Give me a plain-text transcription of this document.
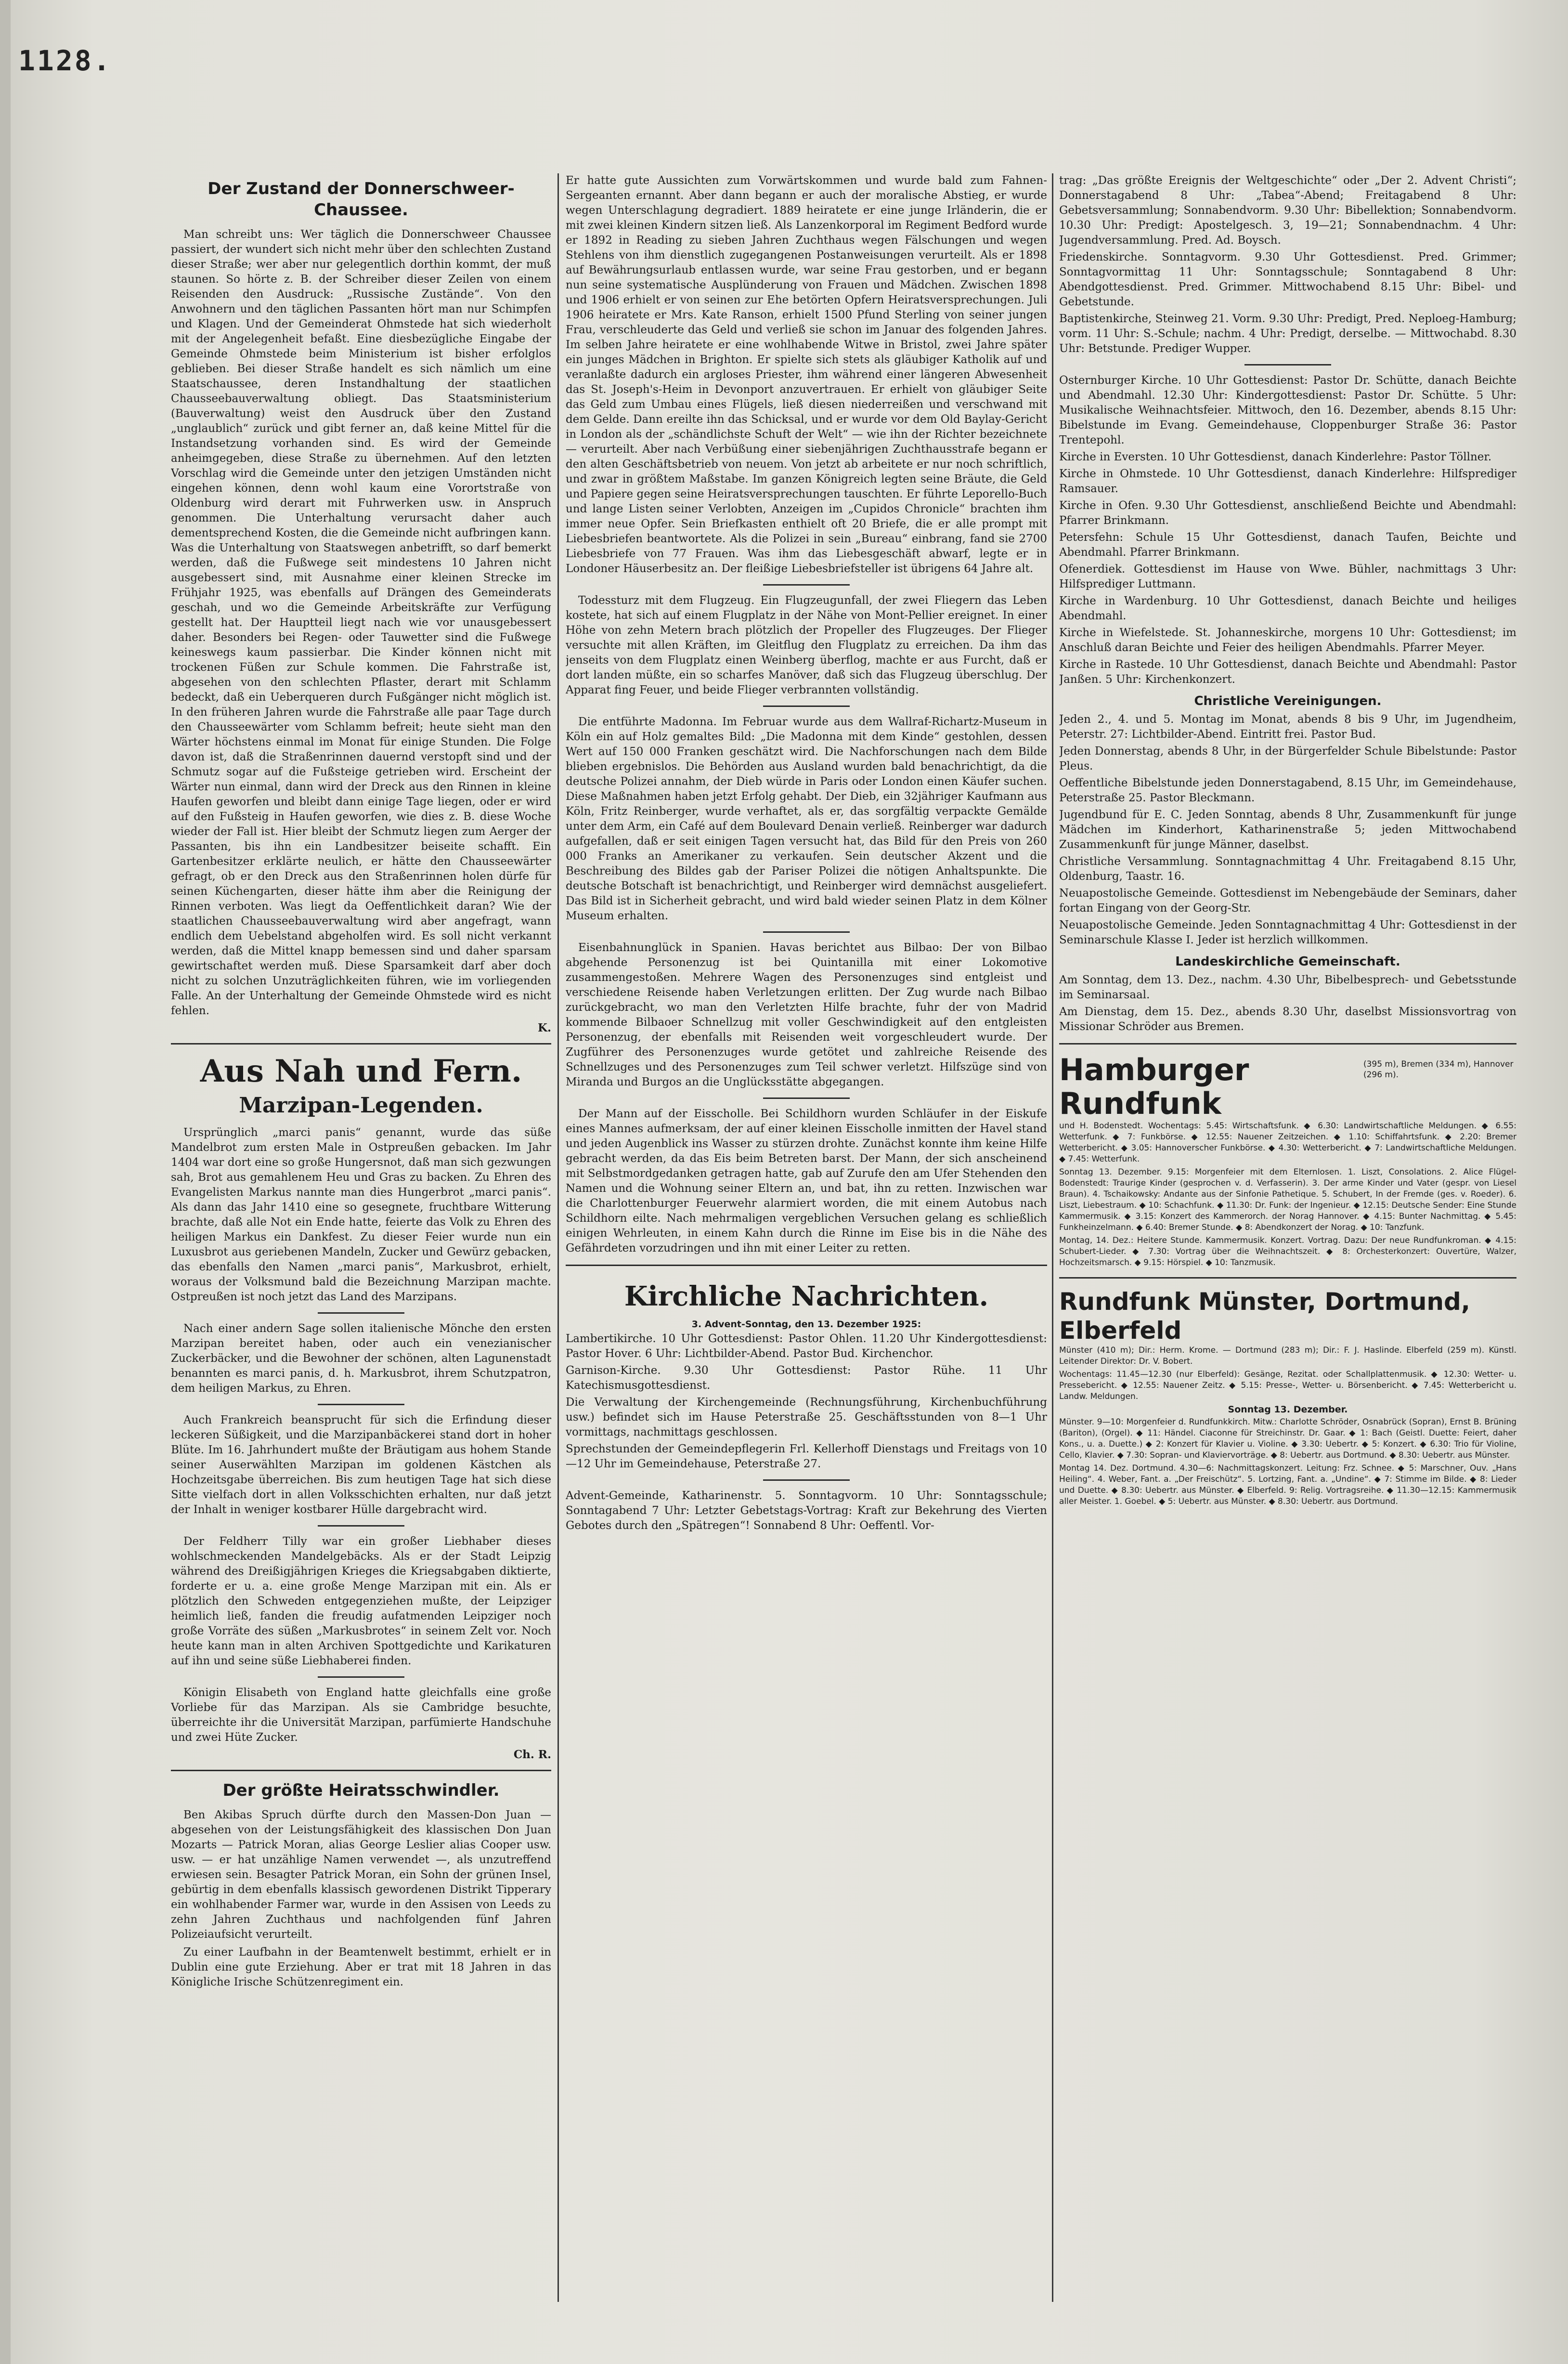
1128.
Der Zustand der Donnerschweer-Chaussee.

Man schreibt uns: Wer täglich die Donnerschweer Chaussee passiert, der wundert sich nicht mehr über den schlechten Zustand dieser Straße; wer aber nur gelegentlich dorthin kommt, der muß staunen. So hörte z. B. der Schreiber dieser Zeilen von einem Reisenden den Ausdruck: „Russische Zustände“. Von den Anwohnern und den täglichen Passanten hört man nur Schimpfen und Klagen. Und der Gemeinderat Ohmstede hat sich wiederholt mit der Angelegenheit befaßt. Eine diesbezügliche Eingabe der Gemeinde Ohmstede beim Ministerium ist bisher erfolglos geblieben. Bei dieser Straße handelt es sich nämlich um eine Staatschaussee, deren Instandhaltung der staatlichen Chausseebauverwaltung obliegt. Das Staatsministerium (Bauverwaltung) weist den Ausdruck über den Zustand „unglaublich“ zurück und gibt ferner an, daß keine Mittel für die Instandsetzung vorhanden sind. Es wird der Gemeinde anheimgegeben, diese Straße zu übernehmen. Auf den letzten Vorschlag wird die Gemeinde unter den jetzigen Umständen nicht eingehen können, denn wohl kaum eine Vorortstraße von Oldenburg wird derart mit Fuhrwerken usw. in Anspruch genommen. Die Unterhaltung verursacht daher auch dementsprechend Kosten, die die Gemeinde nicht aufbringen kann. Was die Unterhaltung von Staatswegen anbetrifft, so darf bemerkt werden, daß die Fußwege seit mindestens 10 Jahren nicht ausgebessert sind, mit Ausnahme einer kleinen Strecke im Frühjahr 1925, was ebenfalls auf Drängen des Gemeinderats geschah, und wo die Gemeinde Arbeitskräfte zur Verfügung gestellt hat. Der Hauptteil liegt nach wie vor unausgebessert daher. Besonders bei Regen- oder Tauwetter sind die Fußwege keineswegs kaum passierbar. Die Kinder können nicht mit trockenen Füßen zur Schule kommen. Die Fahrstraße ist, abgesehen von den schlechten Pflaster, derart mit Schlamm bedeckt, daß ein Ueberqueren durch Fußgänger nicht möglich ist. In den früheren Jahren wurde die Fahrstraße alle paar Tage durch den Chausseewärter vom Schlamm befreit; heute sieht man den Wärter höchstens einmal im Monat für einige Stunden. Die Folge davon ist, daß die Straßenrinnen dauernd verstopft sind und der Schmutz sogar auf die Fußsteige getrieben wird. Erscheint der Wärter nun einmal, dann wird der Dreck aus den Rinnen in kleine Haufen geworfen und bleibt dann einige Tage liegen, oder er wird auf den Fußsteig in Haufen geworfen, wie dies z. B. diese Woche wieder der Fall ist. Hier bleibt der Schmutz liegen zum Aerger der Passanten, bis ihn ein Landbesitzer beiseite schafft. Ein Gartenbesitzer erklärte neulich, er hätte den Chausseewärter gefragt, ob er den Dreck aus den Straßenrinnen holen dürfe für seinen Küchengarten, dieser hätte ihm aber die Reinigung der Rinnen verboten. Was liegt da Oeffentlichkeit daran? Wie der staatlichen Chausseebauverwaltung wird aber angefragt, wann endlich dem Uebelstand abgeholfen wird. Es soll nicht verkannt werden, daß die Mittel knapp bemessen sind und daher sparsam gewirtschaftet werden muß. Diese Sparsamkeit darf aber doch nicht zu solchen Unzuträglichkeiten führen, wie im vorliegenden Falle. An der Unterhaltung der Gemeinde Ohmstede wird es nicht fehlen.

K.
Aus Nah und Fern.
Marzipan-Legenden.

Ursprünglich „marci panis“ genannt, wurde das süße Mandelbrot zum ersten Male in Ostpreußen gebacken. Im Jahr 1404 war dort eine so große Hungersnot, daß man sich gezwungen sah, Brot aus gemahlenem Heu und Gras zu backen. Zu Ehren des Evangelisten Markus nannte man dies Hungerbrot „marci panis“. Als dann das Jahr 1410 eine so gesegnete, fruchtbare Witterung brachte, daß alle Not ein Ende hatte, feierte das Volk zu Ehren des heiligen Markus ein Dankfest. Zu dieser Feier wurde nun ein Luxusbrot aus geriebenen Mandeln, Zucker und Gewürz gebacken, das ebenfalls den Namen „marci panis“, Markusbrot, erhielt, woraus der Volksmund bald die Bezeichnung Marzipan machte. Ostpreußen ist noch jetzt das Land des Marzipans.

Nach einer andern Sage sollen italienische Mönche den ersten Marzipan bereitet haben, oder auch ein venezianischer Zuckerbäcker, und die Bewohner der schönen, alten Lagunenstadt benannten es marci panis, d. h. Markusbrot, ihrem Schutzpatron, dem heiligen Markus, zu Ehren.

Auch Frankreich beansprucht für sich die Erfindung dieser leckeren Süßigkeit, und die Marzipanbäckerei stand dort in hoher Blüte. Im 16. Jahrhundert mußte der Bräutigam aus hohem Stande seiner Auserwählten Marzipan im goldenen Kästchen als Hochzeitsgabe überreichen. Bis zum heutigen Tage hat sich diese Sitte vielfach dort in allen Volksschichten erhalten, nur daß jetzt der Inhalt in weniger kostbarer Hülle dargebracht wird.

Der Feldherr Tilly war ein großer Liebhaber dieses wohlschmeckenden Mandelgebäcks. Als er der Stadt Leipzig während des Dreißigjährigen Krieges die Kriegsabgaben diktierte, forderte er u. a. eine große Menge Marzipan mit ein. Als er plötzlich den Schweden entgegenziehen mußte, der Leipziger heimlich ließ, fanden die freudig aufatmenden Leipziger noch große Vorräte des süßen „Markusbrotes“ in seinem Zelt vor. Noch heute kann man in alten Archiven Spottgedichte und Karikaturen auf ihn und seine süße Liebhaberei finden.

Königin Elisabeth von England hatte gleichfalls eine große Vorliebe für das Marzipan. Als sie Cambridge besuchte, überreichte ihr die Universität Marzipan, parfümierte Handschuhe und zwei Hüte Zucker.

Ch. R.
Der größte Heiratsschwindler.

Ben Akibas Spruch dürfte durch den Massen-Don Juan — abgesehen von der Leistungsfähigkeit des klassischen Don Juan Mozarts — Patrick Moran, alias George Leslier alias Cooper usw. usw. — er hat unzählige Namen verwendet —, als unzutreffend erwiesen sein. Besagter Patrick Moran, ein Sohn der grünen Insel, gebürtig in dem ebenfalls klassisch gewordenen Distrikt Tipperary ein wohlhabender Farmer war, wurde in den Assisen von Leeds zu zehn Jahren Zuchthaus und nachfolgenden fünf Jahren Polizeiaufsicht verurteilt.

Zu einer Laufbahn in der Beamtenwelt bestimmt, erhielt er in Dublin eine gute Erziehung. Aber er trat mit 18 Jahren in das Königliche Irische Schützenregiment ein.

Er hatte gute Aussichten zum Vorwärtskommen und wurde bald zum Fahnen-Sergeanten ernannt. Aber dann begann er auch der moralische Abstieg, er wurde wegen Unterschlagung degradiert. 1889 heiratete er eine junge Irländerin, die er mit zwei kleinen Kindern sitzen ließ. Als Lanzenkorporal im Regiment Bedford wurde er 1892 in Reading zu sieben Jahren Zuchthaus wegen Fälschungen und wegen Stehlens von ihm dienstlich zugegangenen Postanweisungen verurteilt. Als er 1898 auf Bewährungsurlaub entlassen wurde, war seine Frau gestorben, und er begann nun seine systematische Ausplünderung von Frauen und Mädchen. Zwischen 1898 und 1906 erhielt er von seinen zur Ehe betörten Opfern Heiratsversprechungen. Juli 1906 heiratete er Mrs. Kate Ranson, erhielt 1500 Pfund Sterling von seiner jungen Frau, verschleuderte das Geld und verließ sie schon im Januar des folgenden Jahres. Im selben Jahre heiratete er eine wohlhabende Witwe in Bristol, zwei Jahre später ein junges Mädchen in Brighton. Er spielte sich stets als gläubiger Katholik auf und veranlaßte dadurch ein argloses Priester, ihm während einer längeren Abwesenheit das St. Joseph's-Heim in Devonport anzuvertrauen. Er erhielt von gläubiger Seite das Geld zum Umbau eines Flügels, ließ diesen niederreißen und verschwand mit dem Gelde. Dann ereilte ihn das Schicksal, und er wurde vor dem Old Baylay-Gericht in London als der „schändlichste Schuft der Welt“ — wie ihn der Richter bezeichnete — verurteilt. Aber nach Verbüßung einer siebenjährigen Zuchthausstrafe begann er den alten Geschäftsbetrieb von neuem. Von jetzt ab arbeitete er nur noch schriftlich, und zwar in größtem Maßstabe. Im ganzen Königreich legten seine Bräute, die Geld und Papiere gegen seine Heiratsversprechungen tauschten. Er führte Leporello-Buch und lange Listen seiner Verlobten, Anzeigen im „Cupidos Chronicle“ brachten ihm immer neue Opfer. Sein Briefkasten enthielt oft 20 Briefe, die er alle prompt mit Liebesbriefen beantwortete. Als die Polizei in sein „Bureau“ einbrang, fand sie 2700 Liebesbriefe von 77 Frauen. Was ihm das Liebesgeschäft abwarf, legte er in Londoner Häuserbesitz an. Der fleißige Liebesbriefsteller ist übrigens 64 Jahre alt.

Todessturz mit dem Flugzeug. Ein Flugzeugunfall, der zwei Fliegern das Leben kostete, hat sich auf einem Flugplatz in der Nähe von Mont-Pellier ereignet. In einer Höhe von zehn Metern brach plötzlich der Propeller des Flugzeuges. Der Flieger versuchte mit allen Kräften, im Gleitflug den Flugplatz zu erreichen. Da ihm das jenseits von dem Flugplatz einen Weinberg überflog, machte er aus Furcht, daß er dort landen müßte, ein so scharfes Manöver, daß sich das Flugzeug überschlug. Der Apparat fing Feuer, und beide Flieger verbrannten vollständig.

Die entführte Madonna. Im Februar wurde aus dem Wallraf-Richartz-Museum in Köln ein auf Holz gemaltes Bild: „Die Madonna mit dem Kinde“ gestohlen, dessen Wert auf 150 000 Franken geschätzt wird. Die Nachforschungen nach dem Bilde blieben ergebnislos. Die Behörden aus Ausland wurden bald benachrichtigt, da die deutsche Polizei annahm, der Dieb würde in Paris oder London einen Käufer suchen. Diese Maßnahmen haben jetzt Erfolg gehabt. Der Dieb, ein 32jähriger Kaufmann aus Köln, Fritz Reinberger, wurde verhaftet, als er, das sorgfältig verpackte Gemälde unter dem Arm, ein Café auf dem Boulevard Denain verließ. Reinberger war dadurch aufgefallen, daß er seit einigen Tagen versucht hat, das Bild für den Preis von 260 000 Franks an Amerikaner zu verkaufen. Sein deutscher Akzent und die Beschreibung des Bildes gab der Pariser Polizei die nötigen Anhaltspunkte. Die deutsche Botschaft ist benachrichtigt, und Reinberger wird demnächst ausgeliefert. Das Bild ist in Sicherheit gebracht, und wird bald wieder seinen Platz in dem Kölner Museum erhalten.

Eisenbahnunglück in Spanien. Havas berichtet aus Bilbao: Der von Bilbao abgehende Personenzug ist bei Quintanilla mit einer Lokomotive zusammengestoßen. Mehrere Wagen des Personenzuges sind entgleist und verschiedene Reisende haben Verletzungen erlitten. Der Zug wurde nach Bilbao zurückgebracht, wo man den Verletzten Hilfe brachte, fuhr der von Madrid kommende Bilbaoer Schnellzug mit voller Geschwindigkeit auf den entgleisten Personenzug, der ebenfalls mit Reisenden weit vorgeschleudert wurde. Der Zugführer des Personenzuges wurde getötet und zahlreiche Reisende des Schnellzuges und des Personenzuges zum Teil schwer verletzt. Hilfszüge sind von Miranda und Burgos an die Unglücksstätte abgegangen.

Der Mann auf der Eisscholle. Bei Schildhorn wurden Schläufer in der Eiskufe eines Mannes aufmerksam, der auf einer kleinen Eisscholle inmitten der Havel stand und jeden Augenblick ins Wasser zu stürzen drohte. Zunächst konnte ihm keine Hilfe gebracht werden, da das Eis beim Betreten barst. Der Mann, der sich anscheinend mit Selbstmordgedanken getragen hatte, gab auf Zurufe den am Ufer Stehenden den Namen und die Wohnung seiner Eltern an, und bat, ihn zu retten. Inzwischen war die Charlottenburger Feuerwehr alarmiert worden, die mit einem Autobus nach Schildhorn eilte. Nach mehrmaligen vergeblichen Versuchen gelang es schließlich einigen Wehrleuten, in einem Kahn durch die Rinne im Eise bis in die Nähe des Gefährdeten vorzudringen und ihn mit einer Leiter zu retten.

Kirchliche Nachrichten.
3. Advent-Sonntag, den 13. Dezember 1925:

Lambertikirche. 10 Uhr Gottesdienst: Pastor Ohlen. 11.20 Uhr Kindergottesdienst: Pastor Hover. 6 Uhr: Lichtbilder-Abend. Pastor Bud. Kirchenchor.

Garnison-Kirche. 9.30 Uhr Gottesdienst: Pastor Rühe. 11 Uhr Katechismusgottesdienst.

Die Verwaltung der Kirchengemeinde (Rechnungsführung, Kirchenbuchführung usw.) befindet sich im Hause Peterstraße 25. Geschäftsstunden von 8—1 Uhr vormittags, nachmittags geschlossen.

Sprechstunden der Gemeindepflegerin Frl. Kellerhoff Dienstags und Freitags von 10—12 Uhr im Gemeindehause, Peterstraße 27.

Advent-Gemeinde, Katharinenstr. 5. Sonntagvorm. 10 Uhr: Sonntagsschule; Sonntagabend 7 Uhr: Letzter Gebetstags-Vortrag: Kraft zur Bekehrung des Vierten Gebotes durch den „Spätregen“! Sonnabend 8 Uhr: Oeffentl. Vor-

trag: „Das größte Ereignis der Weltgeschichte“ oder „Der 2. Advent Christi“; Donnerstagabend 8 Uhr: „Tabea“-Abend; Freitagabend 8 Uhr: Gebetsversammlung; Sonnabendvorm. 9.30 Uhr: Bibellektion; Sonnabendvorm. 10.30 Uhr: Predigt: Apostelgesch. 3, 19—21; Sonnabendnachm. 4 Uhr: Jugendversammlung. Pred. Ad. Boysch.

Friedenskirche. Sonntagvorm. 9.30 Uhr Gottesdienst. Pred. Grimmer; Sonntagvormittag 11 Uhr: Sonntagsschule; Sonntagabend 8 Uhr: Abendgottesdienst. Pred. Grimmer. Mittwochabend 8.15 Uhr: Bibel- und Gebetstunde.

Baptistenkirche, Steinweg 21. Vorm. 9.30 Uhr: Predigt, Pred. Neploeg-Hamburg; vorm. 11 Uhr: S.-Schule; nachm. 4 Uhr: Predigt, derselbe. — Mittwochabd. 8.30 Uhr: Betstunde. Prediger Wupper.

Osternburger Kirche. 10 Uhr Gottesdienst: Pastor Dr. Schütte, danach Beichte und Abendmahl. 12.30 Uhr: Kindergottesdienst: Pastor Dr. Schütte. 5 Uhr: Musikalische Weihnachtsfeier. Mittwoch, den 16. Dezember, abends 8.15 Uhr: Bibelstunde im Evang. Gemeindehause, Cloppenburger Straße 36: Pastor Trentepohl.

Kirche in Eversten. 10 Uhr Gottesdienst, danach Kinderlehre: Pastor Töllner.

Kirche in Ohmstede. 10 Uhr Gottesdienst, danach Kinderlehre: Hilfsprediger Ramsauer.

Kirche in Ofen. 9.30 Uhr Gottesdienst, anschließend Beichte und Abendmahl: Pfarrer Brinkmann.

Petersfehn: Schule 15 Uhr Gottesdienst, danach Taufen, Beichte und Abendmahl. Pfarrer Brinkmann.

Ofenerdiek. Gottesdienst im Hause von Wwe. Bühler, nachmittags 3 Uhr: Hilfsprediger Luttmann.

Kirche in Wardenburg. 10 Uhr Gottesdienst, danach Beichte und heiliges Abendmahl.

Kirche in Wiefelstede. St. Johanneskirche, morgens 10 Uhr: Gottesdienst; im Anschluß daran Beichte und Feier des heiligen Abendmahls. Pfarrer Meyer.

Kirche in Rastede. 10 Uhr Gottesdienst, danach Beichte und Abendmahl: Pastor Janßen. 5 Uhr: Kirchenkonzert.

Christliche Vereinigungen.

Jeden 2., 4. und 5. Montag im Monat, abends 8 bis 9 Uhr, im Jugendheim, Peterstr. 27: Lichtbilder-Abend. Eintritt frei. Pastor Bud.

Jeden Donnerstag, abends 8 Uhr, in der Bürgerfelder Schule Bibelstunde: Pastor Pleus.

Oeffentliche Bibelstunde jeden Donnerstagabend, 8.15 Uhr, im Gemeindehause, Peterstraße 25. Pastor Bleckmann.

Jugendbund für E. C. Jeden Sonntag, abends 8 Uhr, Zusammenkunft für junge Mädchen im Kinderhort, Katharinenstraße 5; jeden Mittwochabend Zusammenkunft für junge Männer, daselbst.

Christliche Versammlung. Sonntagnachmittag 4 Uhr. Freitagabend 8.15 Uhr, Oldenburg, Taastr. 16.

Neuapostolische Gemeinde. Gottesdienst im Nebengebäude der Seminars, daher fortan Eingang von der Georg-Str.

Neuapostolische Gemeinde. Jeden Sonntagnachmittag 4 Uhr: Gottesdienst in der Seminarschule Klasse I. Jeder ist herzlich willkommen.

Landeskirchliche Gemeinschaft.

Am Sonntag, dem 13. Dez., nachm. 4.30 Uhr, Bibelbesprech- und Gebetsstunde im Seminarsaal.

Am Dienstag, dem 15. Dez., abends 8.30 Uhr, daselbst Missionsvortrag von Missionar Schröder aus Bremen.

Hamburger Rundfunk
(395 m), Bremen (334 m), Hannover (296 m).

und H. Bodenstedt. Wochentags: 5.45: Wirtschaftsfunk. ◆ 6.30: Landwirtschaftliche Meldungen. ◆ 6.55: Wetterfunk. ◆ 7: Funkbörse. ◆ 12.55: Nauener Zeitzeichen. ◆ 1.10: Schiffahrtsfunk. ◆ 2.20: Bremer Wetterbericht. ◆ 3.05: Hannoverscher Funkbörse. ◆ 4.30: Wetterbericht. ◆ 7: Landwirtschaftliche Meldungen. ◆ 7.45: Wetterfunk.

Sonntag 13. Dezember. 9.15: Morgenfeier mit dem Elternlosen. 1. Liszt, Consolations. 2. Alice Flügel-Bodenstedt: Traurige Kinder (gesprochen v. d. Verfasserin). 3. Der arme Kinder und Vater (gespr. von Liesel Braun). 4. Tschaikowsky: Andante aus der Sinfonie Pathetique. 5. Schubert, In der Fremde (ges. v. Roeder). 6. Liszt, Liebestraum. ◆ 10: Schachfunk. ◆ 11.30: Dr. Funk: der Ingenieur. ◆ 12.15: Deutsche Sender: Eine Stunde Kammermusik. ◆ 3.15: Konzert des Kammerorch. der Norag Hannover. ◆ 4.15: Bunter Nachmittag. ◆ 5.45: Funkheinzelmann. ◆ 6.40: Bremer Stunde. ◆ 8: Abendkonzert der Norag. ◆ 10: Tanzfunk.

Montag, 14. Dez.: Heitere Stunde. Kammermusik. Konzert. Vortrag. Dazu: Der neue Rundfunkroman. ◆ 4.15: Schubert-Lieder. ◆ 7.30: Vortrag über die Weihnachtszeit. ◆ 8: Orchesterkonzert: Ouvertüre, Walzer, Hochzeitsmarsch. ◆ 9.15: Hörspiel. ◆ 10: Tanzmusik.

Rundfunk Münster, Dortmund, Elberfeld

Münster (410 m); Dir.: Herm. Krome. — Dortmund (283 m); Dir.: F. J. Haslinde. Elberfeld (259 m). Künstl. Leitender Direktor: Dr. V. Bobert.

Wochentags: 11.45—12.30 (nur Elberfeld): Gesänge, Rezitat. oder Schallplattenmusik. ◆ 12.30: Wetter- u. Pressebericht. ◆ 12.55: Nauener Zeitz. ◆ 5.15: Presse-, Wetter- u. Börsenbericht. ◆ 7.45: Wetterbericht u. Landw. Meldungen.

Sonntag 13. Dezember.

Münster. 9—10: Morgenfeier d. Rundfunkkirch. Mitw.: Charlotte Schröder, Osnabrück (Sopran), Ernst B. Brüning (Bariton), (Orgel). ◆ 11: Händel. Ciaconne für Streichinstr. Dr. Gaar. ◆ 1: Bach (Geistl. Duette: Feiert, daher Kons., u. a. Duette.) ◆ 2: Konzert für Klavier u. Violine. ◆ 3.30: Uebertr. ◆ 5: Konzert. ◆ 6.30: Trio für Violine, Cello, Klavier. ◆ 7.30: Sopran- und Klaviervorträge. ◆ 8: Uebertr. aus Dortmund. ◆ 8.30: Uebertr. aus Münster.

Montag 14. Dez. Dortmund. 4.30—6: Nachmittagskonzert. Leitung: Frz. Schnee. ◆ 5: Marschner, Ouv. „Hans Heiling“. 4. Weber, Fant. a. „Der Freischütz“. 5. Lortzing, Fant. a. „Undine“. ◆ 7: Stimme im Bilde. ◆ 8: Lieder und Duette. ◆ 8.30: Uebertr. aus Münster. ◆ Elberfeld. 9: Relig. Vortragsreihe. ◆ 11.30—12.15: Kammermusik aller Meister. 1. Goebel. ◆ 5: Uebertr. aus Münster. ◆ 8.30: Uebertr. aus Dortmund.
